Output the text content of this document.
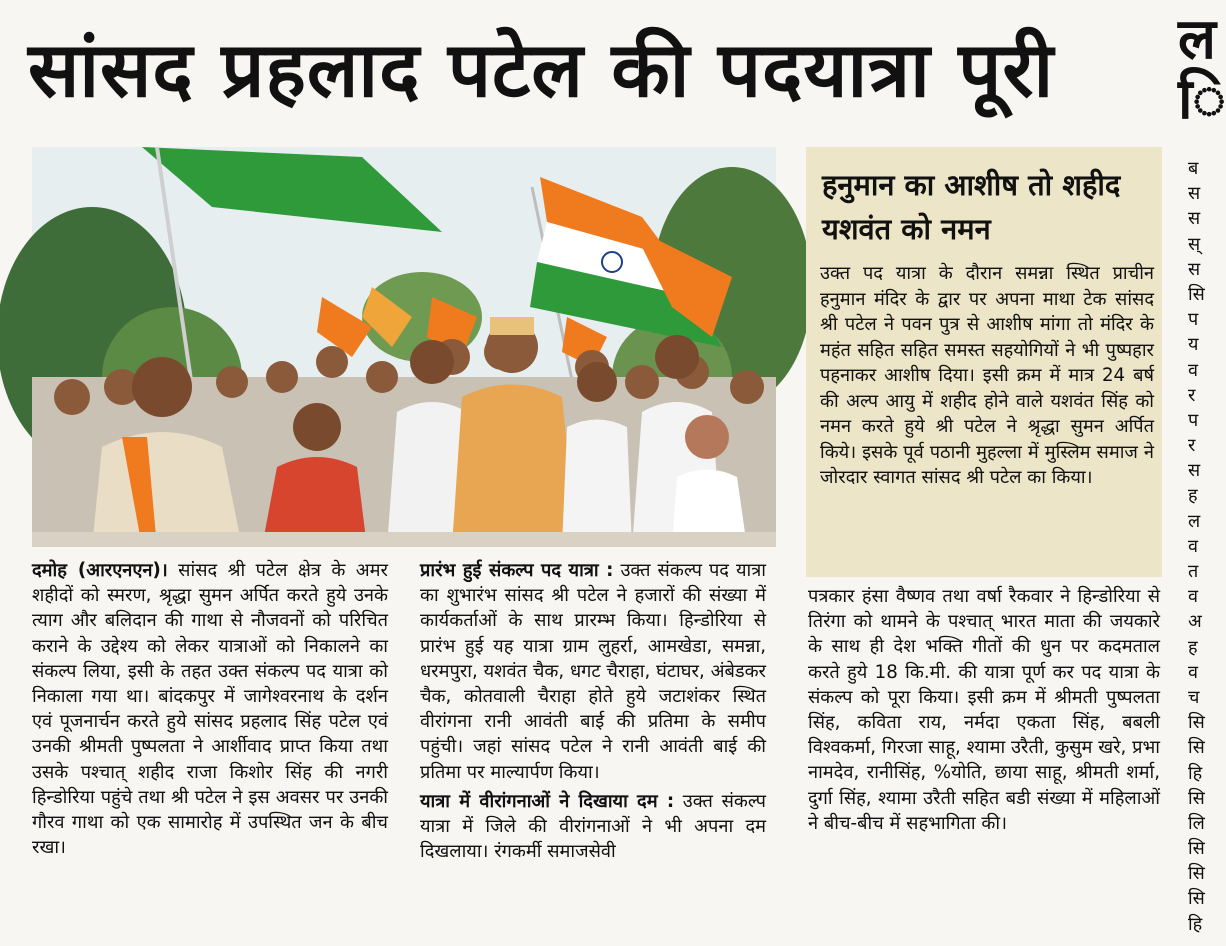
सांसद प्रहलाद पटेल की पदयात्रा पूरी	ल
ि

दमोह (आरएनएन)। सांसद श्री पटेल क्षेत्र के अमर शहीदों को स्मरण, श्रृद्धा सुमन अर्पित करते हुये उनके त्याग और बलिदान की गाथा से नौजवनों को परिचित कराने के उद्देश्य को लेकर यात्राओं को निकालने का संकल्प लिया, इसी के तहत उक्त संकल्प पद यात्रा को निकाला गया था। बांदकपुर में जागेश्वरनाथ के दर्शन एवं पूजनार्चन करते हुये सांसद प्रहलाद सिंह पटेल एवं उनकी श्रीमती पुष्पलता ने आर्शीवाद प्राप्त किया तथा उसके पश्चात् शहीद राजा किशोर सिंह की नगरी हिन्डोरिया पहुंचे तथा श्री पटेल ने इस अवसर पर उनकी गौरव गाथा को एक सामारोह में उपस्थित जन के बीच रखा।

प्रारंभ हुई संकल्प पद यात्रा : उक्त संकल्प पद यात्रा का शुभारंभ सांसद श्री पटेल ने हजारों की संख्या में कार्यकर्ताओं के साथ प्रारम्भ किया। हिन्डोरिया से प्रारंभ हुई यह यात्रा ग्राम लुहर्रा, आमखेडा, समन्ना, धरमपुरा, यशवंत चैक, धगट चैराहा, घंटाघर, अंबेडकर चैक, कोतवाली चैराहा होते हुये जटाशंकर स्थित वीरांगना रानी आवंती बाई की प्रतिमा के समीप पहुंची। जहां सांसद पटेल ने रानी आवंती बाई की प्रतिमा पर माल्यार्पण किया।

यात्रा में वीरांगनाओं ने दिखाया दम : उक्त संकल्प यात्रा में जिले की वीरांगनाओं ने भी अपना दम दिखलाया। रंगकर्मी समाजसेवी

हनुमान का आशीष तो शहीद यशवंत को नमन
उक्त पद यात्रा के दौरान समन्ना स्थित प्राचीन हनुमान मंदिर के द्वार पर अपना माथा टेक सांसद श्री पटेल ने पवन पुत्र से आशीष मांगा तो मंदिर के महंत सहित सहित समस्त सहयोगियों ने भी पुष्पहार पहनाकर आशीष दिया। इसी क्रम में मात्र 24 बर्ष की अल्प आयु में शहीद होने वाले यशवंत सिंह को नमन करते हुये श्री पटेल ने श्रृद्धा सुमन अर्पित किये। इसके पूर्व पठानी मुहल्ला में मुस्लिम समाज ने जोरदार स्वागत सांसद श्री पटेल का किया।

पत्रकार हंसा वैष्णव तथा वर्षा रैकवार ने हिन्डोरिया से तिरंगा को थामने के पश्चात् भारत माता की जयकारे के साथ ही देश भक्ति गीतों की धुन पर कदमताल करते हुये 18 कि.मी. की यात्रा पूर्ण कर पद यात्रा के संकल्प को पूरा किया। इसी क्रम में श्रीमती पुष्पलता सिंह, कविता राय, नर्मदा एकता सिंह, बबली विश्वकर्मा, गिरजा साहू, श्यामा उरैती, कुसुम खरे, प्रभा नामदेव, रानीसिंह, %योति, छाया साहू, श्रीमती शर्मा, दुर्गा सिंह, श्यामा उरैती सहित बडी संख्या में महिलाओं ने बीच-बीच में सहभागिता की।

ब
स
स
स्
स
सि
प
य
व
र
प
र
स
ह
ल
व
त
व
अ
ह
व
च
सि
सि
हि
सि
लि
सि
सि
सि
हि
